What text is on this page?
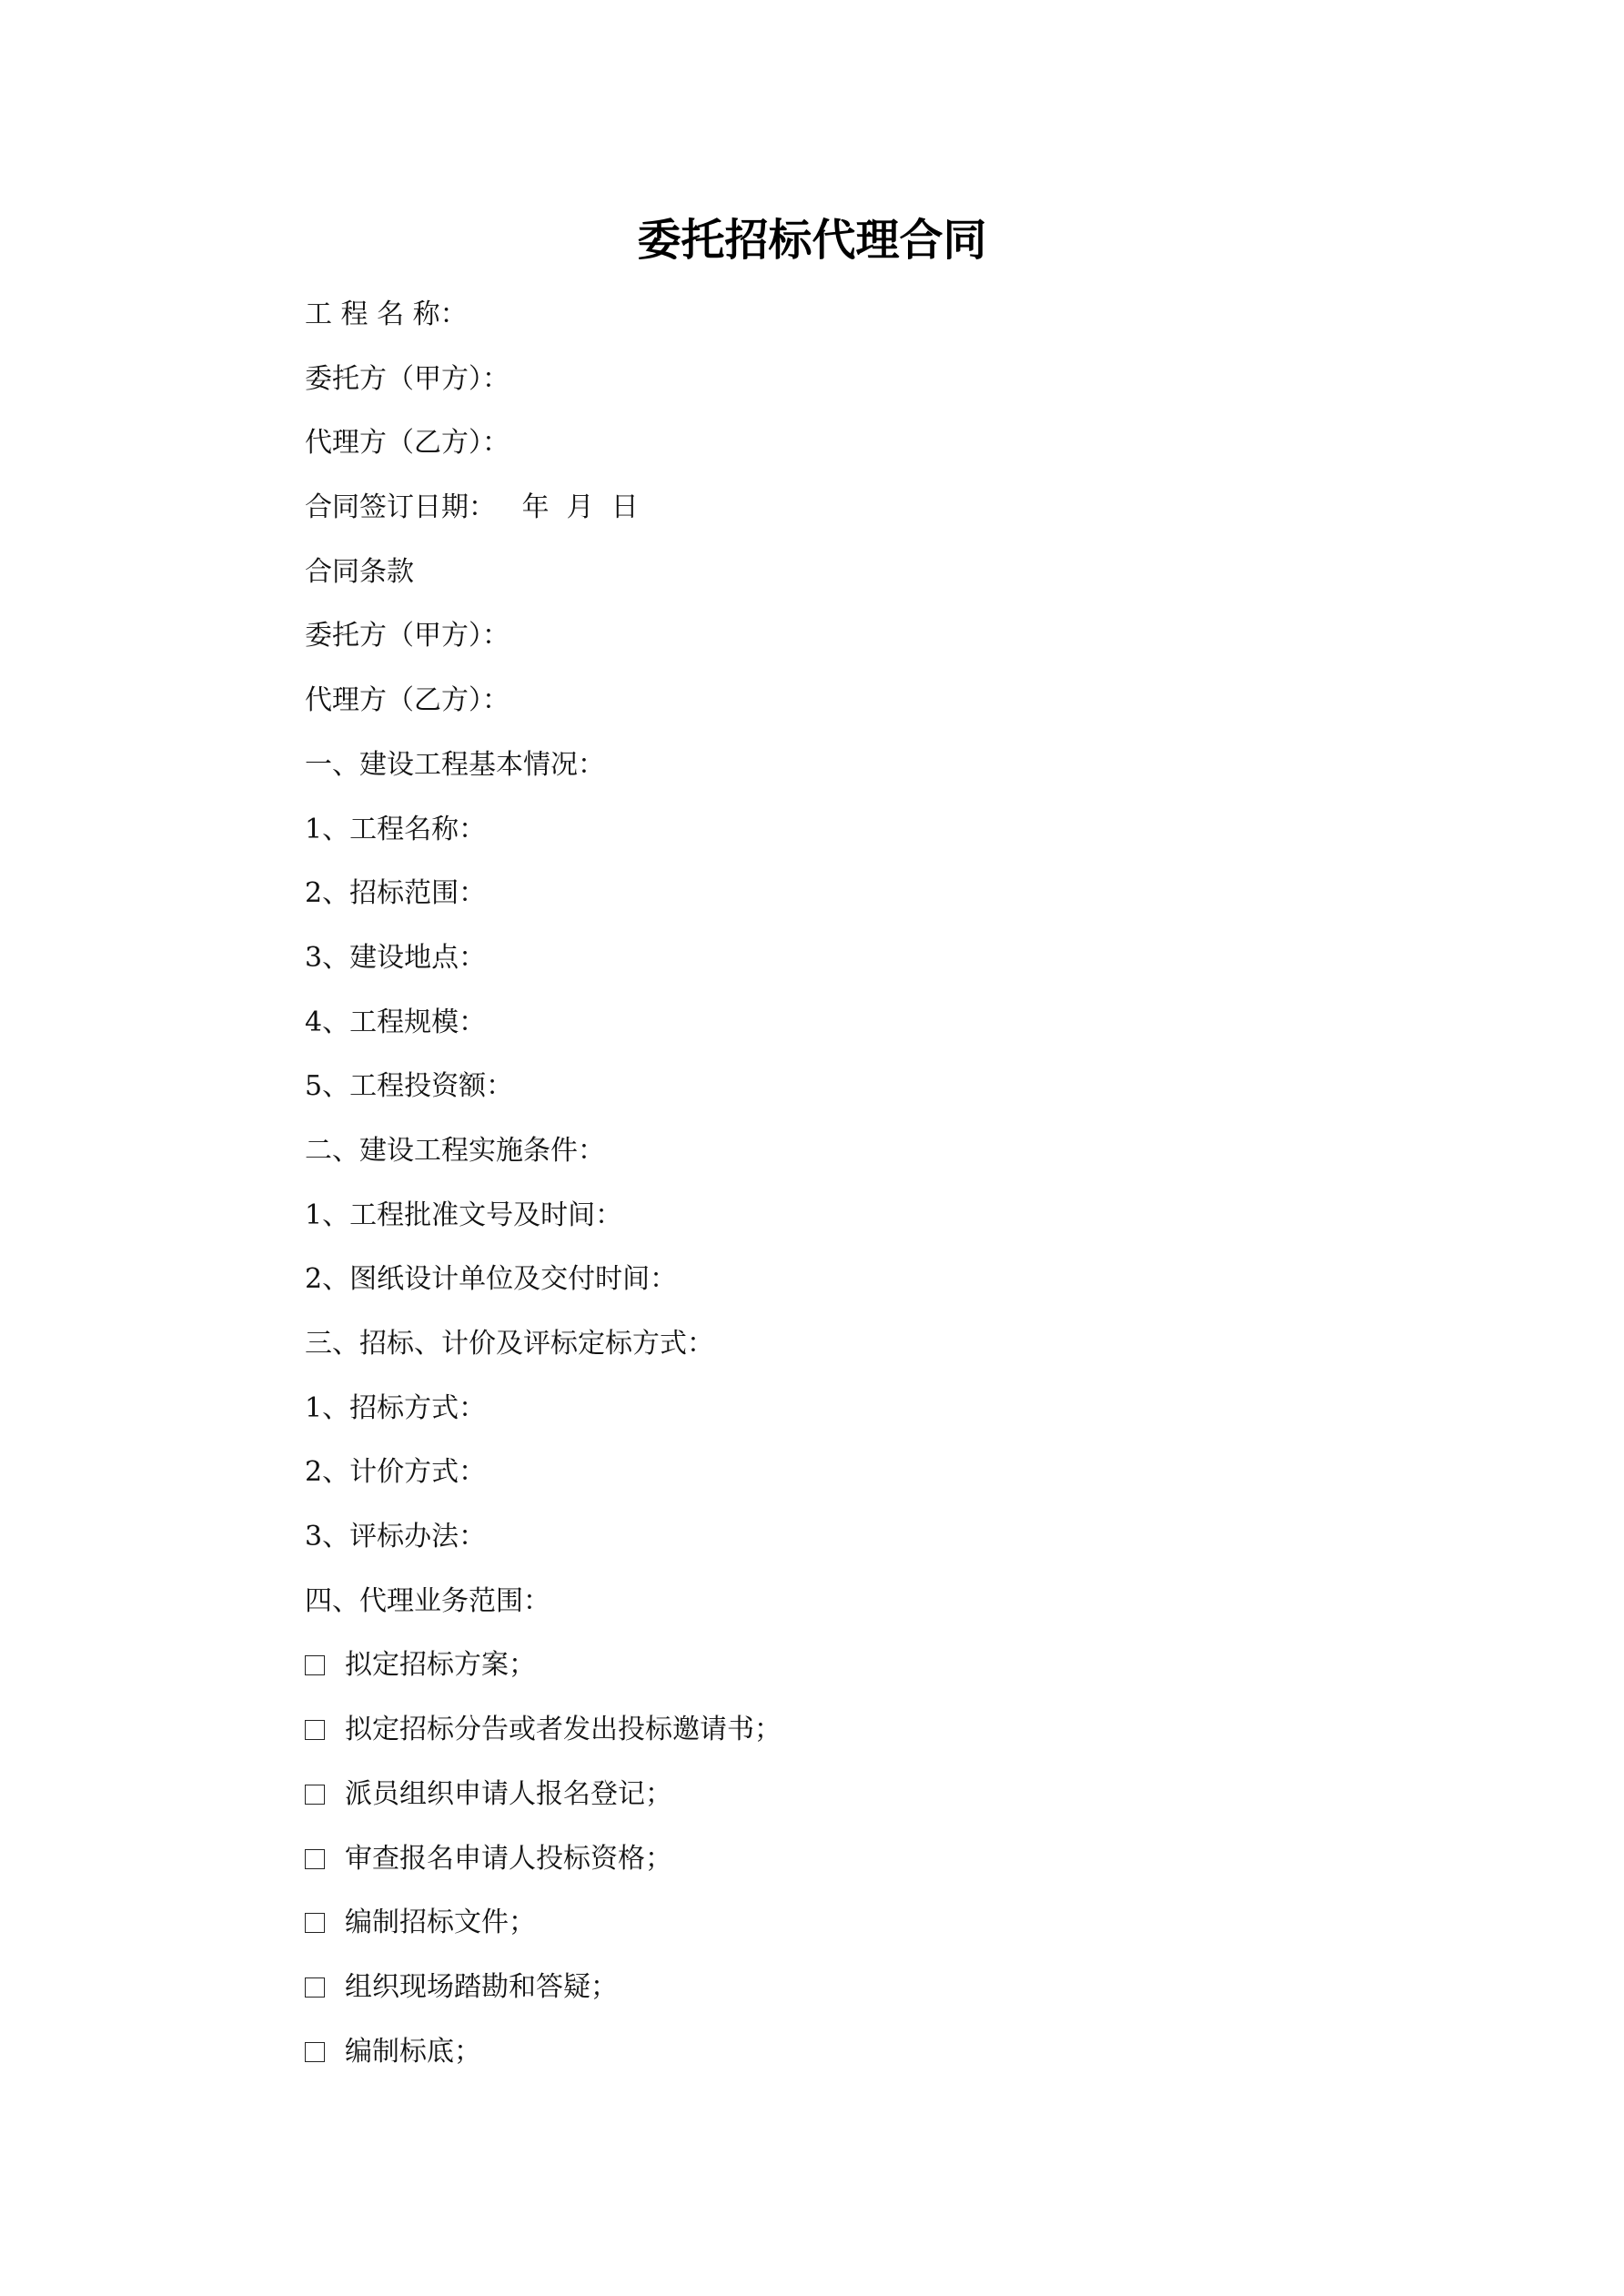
委托招标代理合同
工 程 名 称：
委托方（甲方）：
代理方（乙方）：
合同签订日期：   年  月  日
合同条款
委托方（甲方）：
代理方（乙方）：
一、建设工程基本情况：
1、工程名称：
2、招标范围：
3、建设地点：
4、工程规模：
5、工程投资额：
二、建设工程实施条件：
1、工程批准文号及时间：
2、图纸设计单位及交付时间：
三、招标、计价及评标定标方式：
1、招标方式：
2、计价方式：
3、评标办法：
四、代理业务范围：
拟定招标方案；
拟定招标分告或者发出投标邀请书；
派员组织申请人报名登记；
审查报名申请人投标资格；
编制招标文件；
组织现场踏勘和答疑；
编制标底；
